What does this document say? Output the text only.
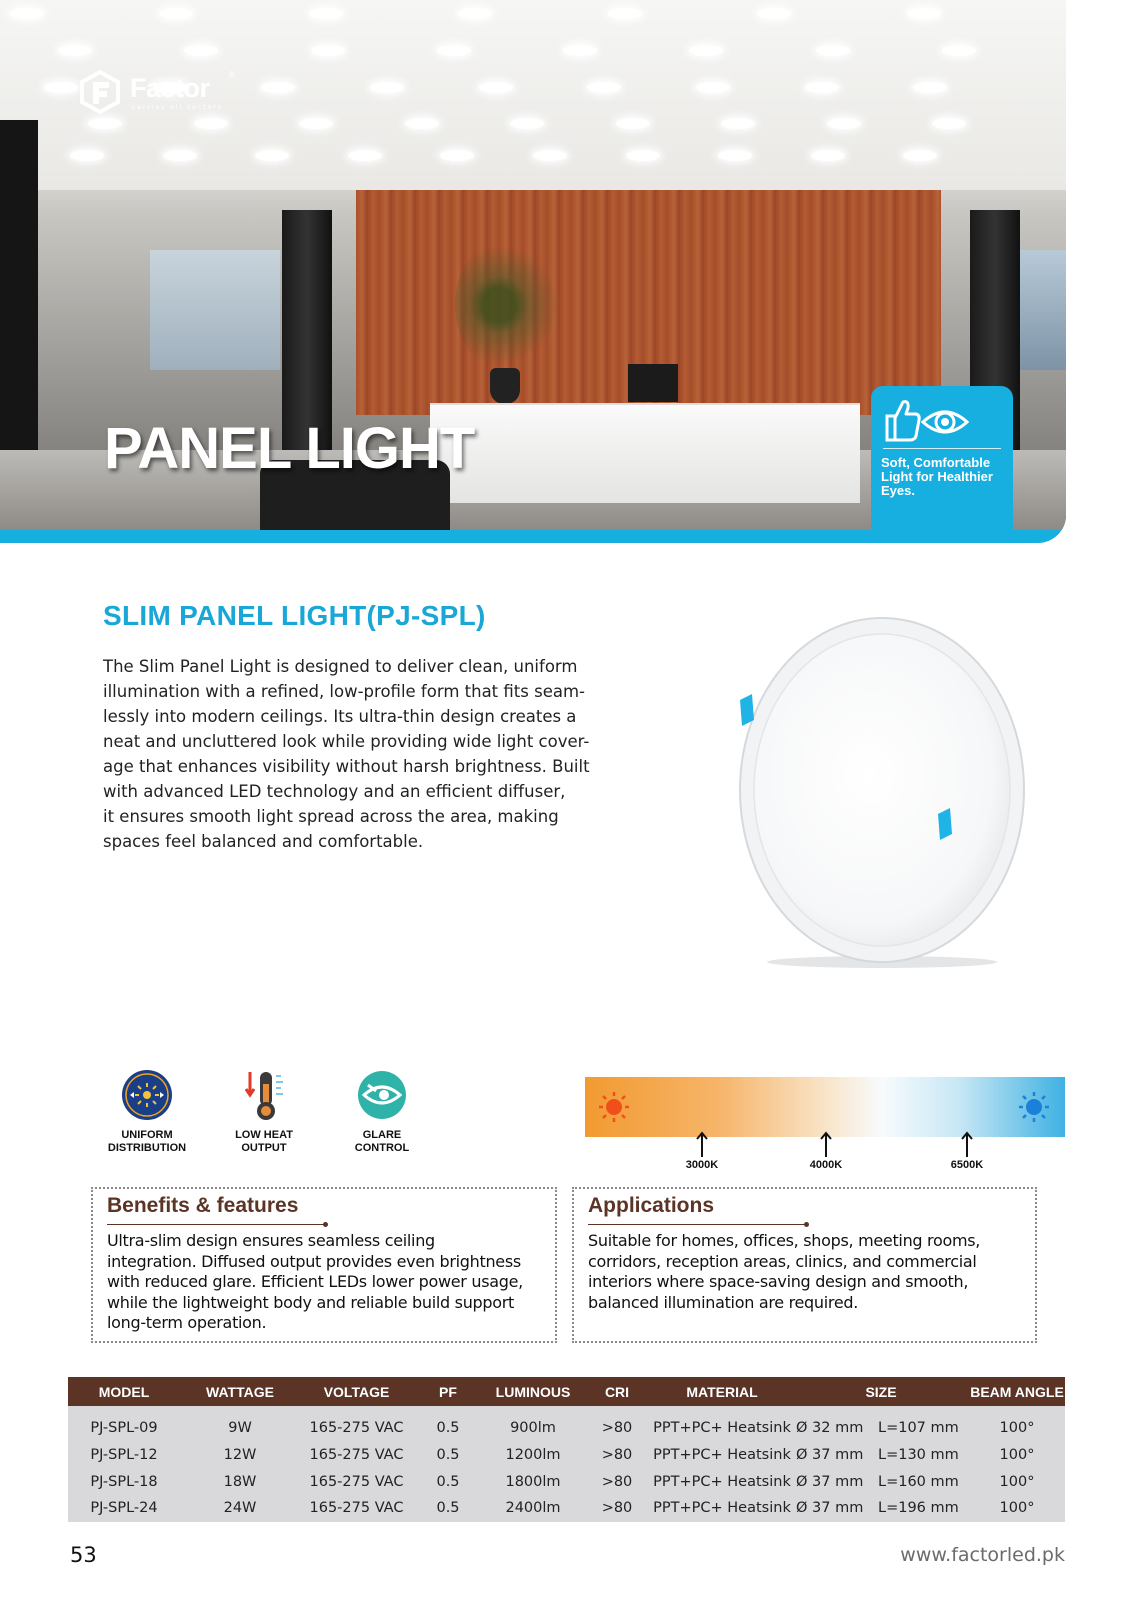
Factor ®
carries all sectors
PANEL LIGHT	Soft, Comfortable Light for Healthier Eyes.
SLIM PANEL LIGHT(PJ-SPL)
The Slim Panel Light is designed to deliver clean, uniform
illumination with a refined, low-profile form that fits seam-
lessly into modern ceilings. Its ultra-thin design creates a
neat and uncluttered look while providing wide light cover-
age that enhances visibility without harsh brightness. Built
with advanced LED technology and an efficient diffuser,
it ensures smooth light spread across the area, making
spaces feel balanced and comfortable.
UNIFORM
DISTRIBUTION
LOW HEAT
OUTPUT
GLARE
CONTROL
3000K	4000K	6500K
Benefits & features
Ultra-slim design ensures seamless ceiling
integration. Diffused output provides even brightness
with reduced glare. Efficient LEDs lower power usage,
while the lightweight body and reliable build support
long-term operation.
Applications
Suitable for homes, offices, shops, meeting rooms,
corridors, reception areas, clinics, and commercial
interiors where space-saving design and smooth,
balanced illumination are required.
MODEL	WATTAGE	VOLTAGE	PF	LUMINOUS	CRI	MATERIAL	SIZE	BEAM ANGLE
PJ-SPL-09	9W	165-275 VAC	0.5	900lm	>80	PPT+PC+ Heatsink	Ø 32 mm L=107 mm	100°
PJ-SPL-12	12W	165-275 VAC	0.5	1200lm	>80	PPT+PC+ Heatsink	Ø 37 mm L=130 mm	100°
PJ-SPL-18	18W	165-275 VAC	0.5	1800lm	>80	PPT+PC+ Heatsink	Ø 37 mm L=160 mm	100°
PJ-SPL-24	24W	165-275 VAC	0.5	2400lm	>80	PPT+PC+ Heatsink	Ø 37 mm L=196 mm	100°
53	www.factorled.pk
